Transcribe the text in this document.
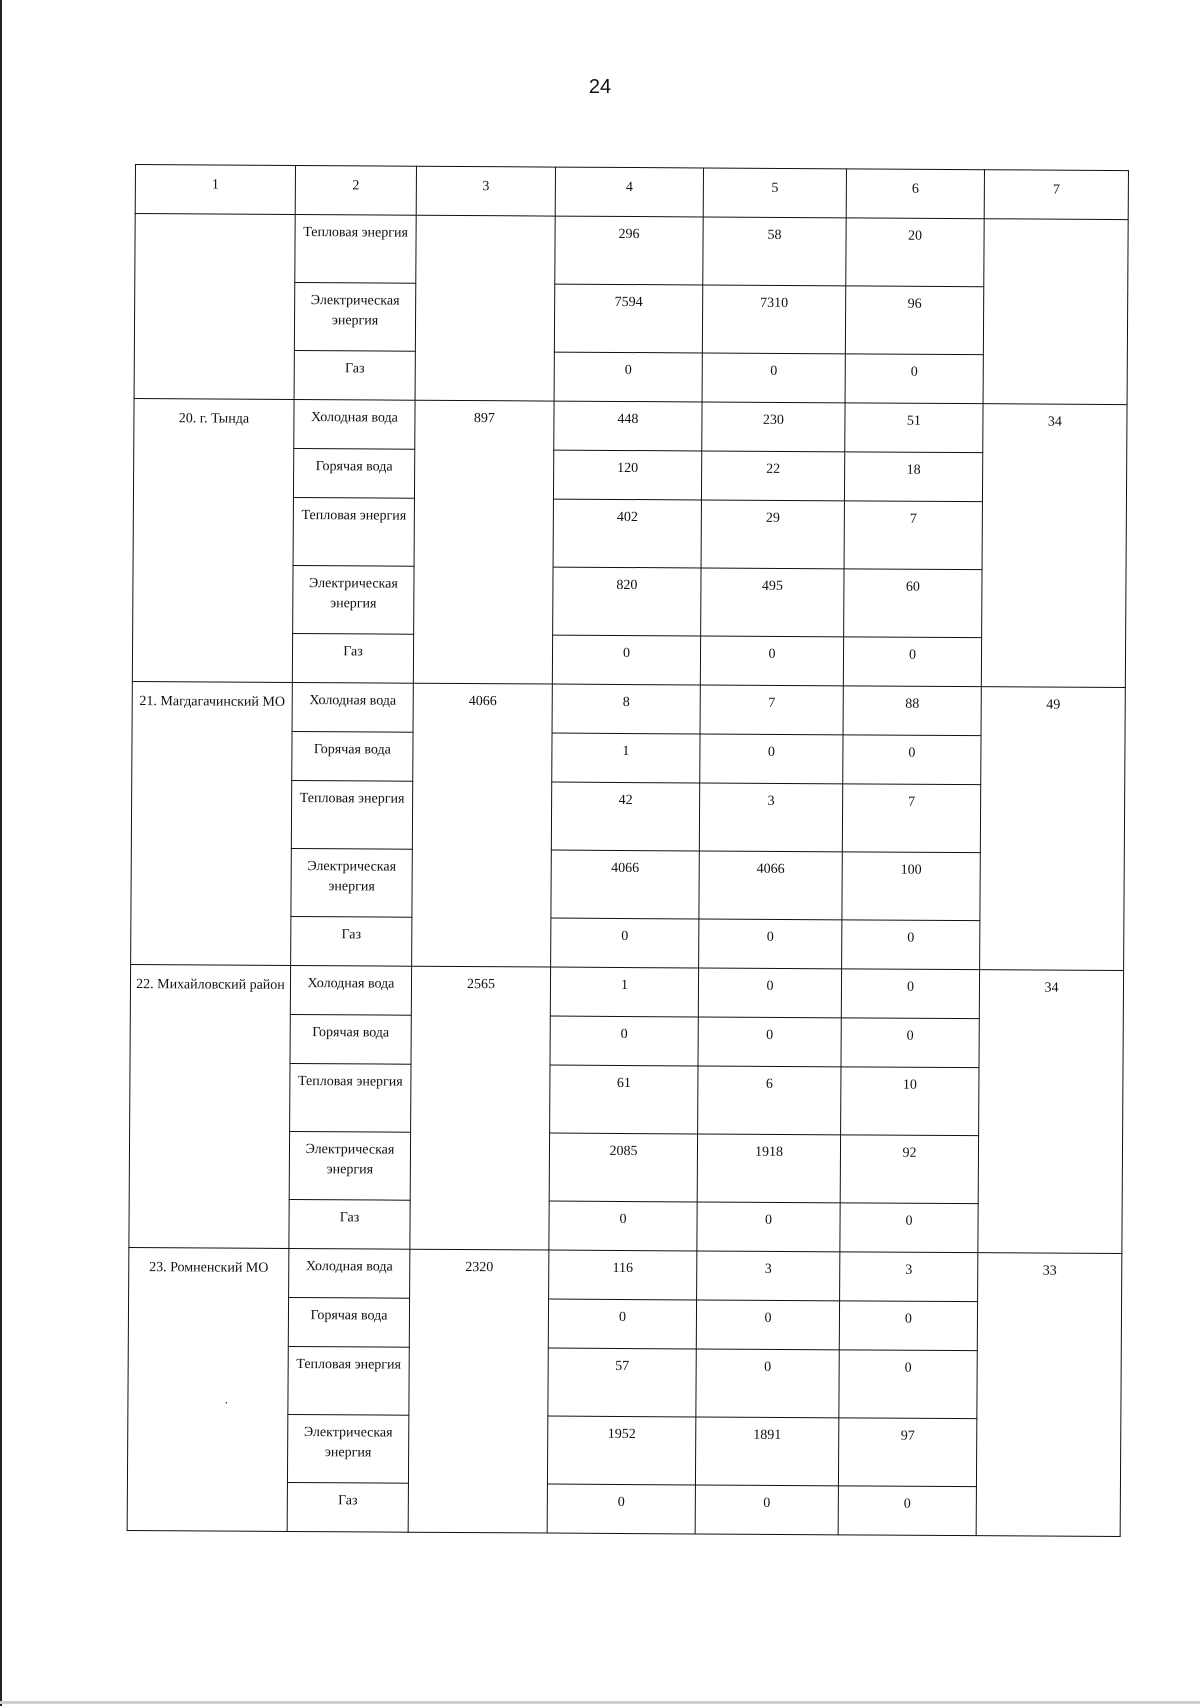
24
1	2	3	4	5	6	7
	Тепловая энергия		296	58	20	
	Электрическая энергия		7594	7310	96	
	Газ		0	0	0	
20. г. Тында	Холодная вода	897	448	230	51	34
	Горячая вода		120	22	18	
	Тепловая энергия		402	29	7	
	Электрическая энергия		820	495	60	
	Газ		0	0	0	
21. Магдагачинский МО	Холодная вода	4066	8	7	88	49
	Горячая вода		1	0	0	
	Тепловая энергия		42	3	7	
	Электрическая энергия		4066	4066	100	
	Газ		0	0	0	
22. Михайловский район	Холодная вода	2565	1	0	0	34
	Горячая вода		0	0	0	
	Тепловая энергия		61	6	10	
	Электрическая энергия		2085	1918	92	
	Газ		0	0	0	
23. Ромненский МО	Холодная вода	2320	116	3	3	33
	Горячая вода		0	0	0	
	Тепловая энергия		57	0	0	
	Электрическая энергия		1952	1891	97	
	Газ		0	0	0	
˙
